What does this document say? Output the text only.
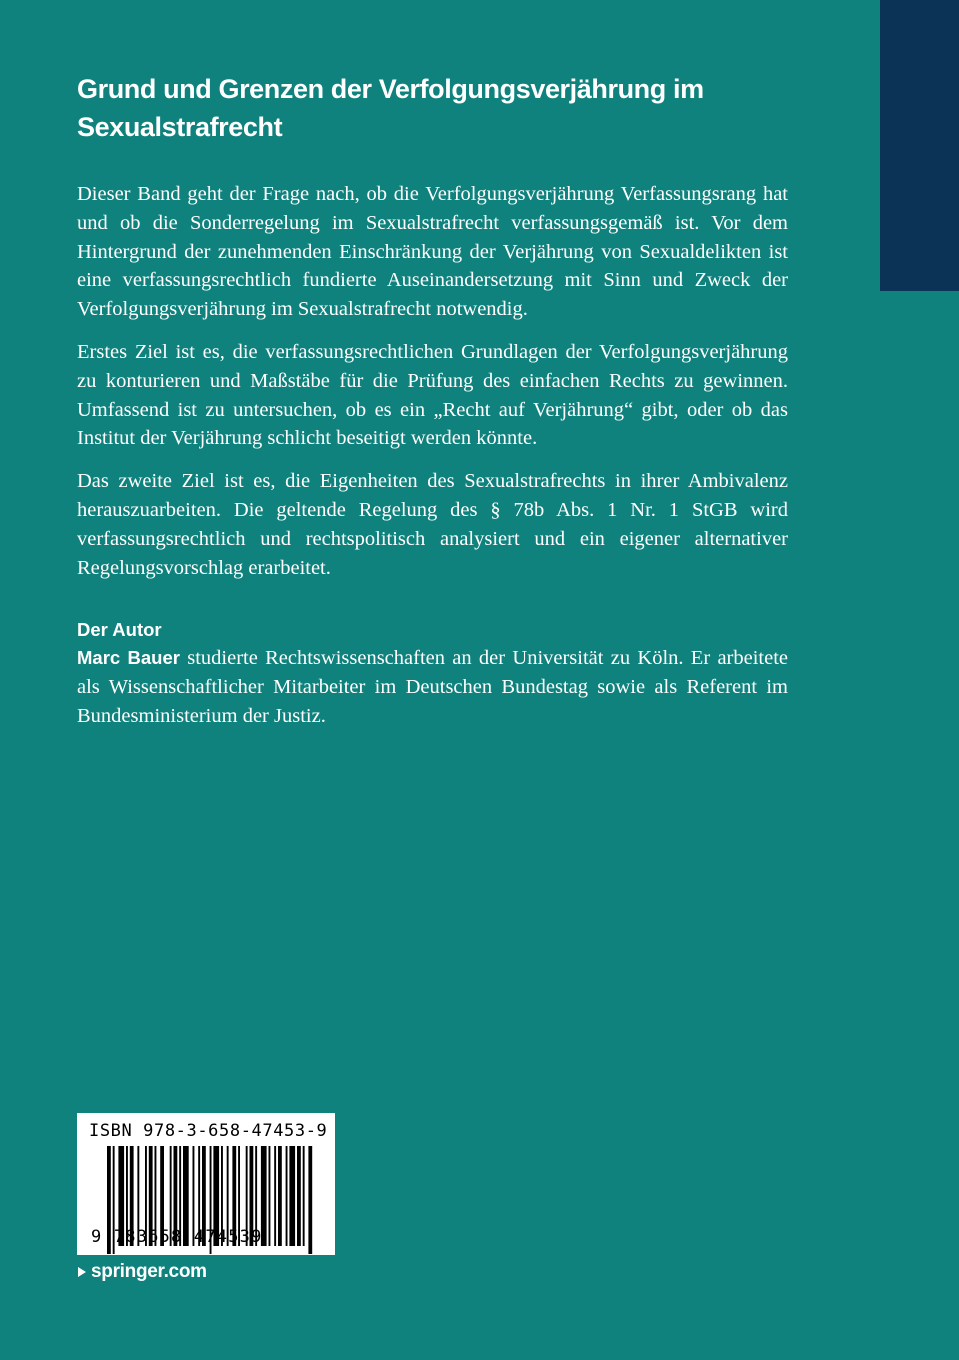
Grund und Grenzen der Verfolgungsverjährung im
Sexualstrafrecht

Dieser Band geht der Frage nach, ob die Verfolgungsverjährung Verfassungsrang hat und ob die Sonderregelung im Sexualstrafrecht verfassungsgemäß ist. Vor dem Hintergrund der zunehmenden Einschränkung der Verjährung von Sexualdelikten ist eine verfassungsrechtlich fundierte Auseinandersetzung mit Sinn und Zweck der Verfolgungsverjährung im Sexualstrafrecht notwendig.

Erstes Ziel ist es, die verfassungsrechtlichen Grundlagen der Verfolgungsverjährung zu konturieren und Maßstäbe für die Prüfung des einfachen Rechts zu gewinnen. Umfassend ist zu untersuchen, ob es ein „Recht auf Verjährung“ gibt, oder ob das Institut der Verjährung schlicht beseitigt werden könnte.

Das zweite Ziel ist es, die Eigenheiten des Sexualstrafrechts in ihrer Ambivalenz herauszuarbeiten. Die geltende Regelung des § 78b Abs. 1 Nr. 1 StGB wird verfassungsrechtlich und rechtspolitisch analysiert und ein eigener alternativer Regelungsvorschlag erarbeitet.

Der Autor

Marc Bauer studierte Rechtswissenschaften an der Universität zu Köln. Er arbeitete als Wissenschaftlicher Mitarbeiter im Deutschen Bundestag sowie als Referent im Bundesministerium der Justiz.

ISBN 978-3-658-47453-9
9 783658 474539
springer.com
